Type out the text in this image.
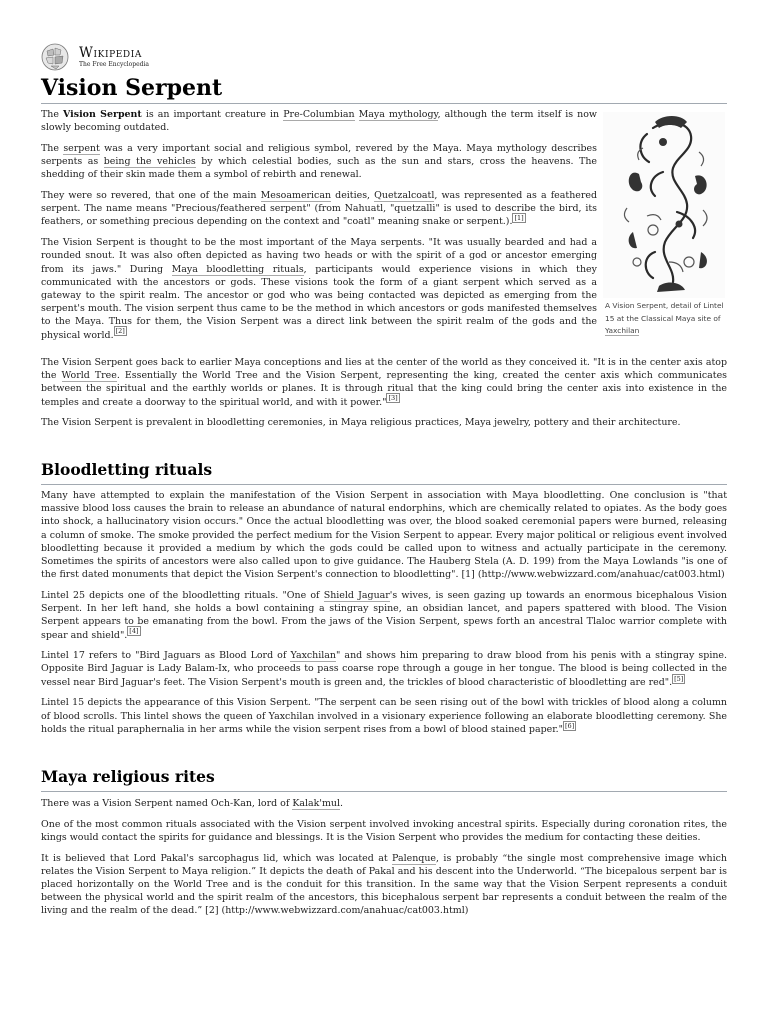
Wikipedia
The Free Encyclopedia
Vision Serpent
A Vision Serpent, detail of Lintel 15 at the Classical Maya site of Yaxchilan

The Vision Serpent is an important creature in Pre-Columbian Maya mythology, although the term itself is now slowly becoming outdated.

The serpent was a very important social and religious symbol, revered by the Maya. Maya mythology describes serpents as being the vehicles by which celestial bodies, such as the sun and stars, cross the heavens. The shedding of their skin made them a symbol of rebirth and renewal.

They were so revered, that one of the main Mesoamerican deities, Quetzalcoatl, was represented as a feathered serpent. The name means "Precious/feathered serpent" (from Nahuatl, "quetzalli" is used to describe the bird, its feathers, or something precious depending on the context and "coatl" meaning snake or serpent.). [1]

The Vision Serpent is thought to be the most important of the Maya serpents. "It was usually bearded and had a rounded snout. It was also often depicted as having two heads or with the spirit of a god or ancestor emerging from its jaws." During Maya bloodletting rituals, participants would experience visions in which they communicated with the ancestors or gods. These visions took the form of a giant serpent which served as a gateway to the spirit realm. The ancestor or god who was being contacted was depicted as emerging from the serpent's mouth. The vision serpent thus came to be the method in which ancestors or gods manifested themselves to the Maya. Thus for them, the Vision Serpent was a direct link between the spirit realm of the gods and the physical world. [2]

The Vision Serpent goes back to earlier Maya conceptions and lies at the center of the world as they conceived it. "It is in the center axis atop the World Tree. Essentially the World Tree and the Vision Serpent, representing the king, created the center axis which communicates between the spiritual and the earthly worlds or planes. It is through ritual that the king could bring the center axis into existence in the temples and create a doorway to the spiritual world, and with it power." [3]

The Vision Serpent is prevalent in bloodletting ceremonies, in Maya religious practices, Maya jewelry, pottery and their architecture.

Bloodletting rituals

Many have attempted to explain the manifestation of the Vision Serpent in association with Maya bloodletting. One conclusion is "that massive blood loss causes the brain to release an abundance of natural endorphins, which are chemically related to opiates. As the body goes into shock, a hallucinatory vision occurs." Once the actual bloodletting was over, the blood soaked ceremonial papers were burned, releasing a column of smoke. The smoke provided the perfect medium for the Vision Serpent to appear. Every major political or religious event involved bloodletting because it provided a medium by which the gods could be called upon to witness and actually participate in the ceremony. Sometimes the spirits of ancestors were also called upon to give guidance. The Hauberg Stela (A. D. 199) from the Maya Lowlands "is one of the first dated monuments that depict the Vision Serpent's connection to bloodletting". [1] (http://www.webwizzard.com/anahuac/cat003.html)

Lintel 25 depicts one of the bloodletting rituals. "One of Shield Jaguar's wives, is seen gazing up towards an enormous bicephalous Vision Serpent. In her left hand, she holds a bowl containing a stingray spine, an obsidian lancet, and papers spattered with blood. The Vision Serpent appears to be emanating from the bowl. From the jaws of the Vision Serpent, spews forth an ancestral Tlaloc warrior complete with spear and shield". [4]

Lintel 17 refers to "Bird Jaguars as Blood Lord of Yaxchilan" and shows him preparing to draw blood from his penis with a stingray spine. Opposite Bird Jaguar is Lady Balam-Ix, who proceeds to pass coarse rope through a gouge in her tongue. The blood is being collected in the vessel near Bird Jaguar's feet. The Vision Serpent's mouth is green and, the trickles of blood characteristic of bloodletting are red". [5]

Lintel 15 depicts the appearance of this Vision Serpent. "The serpent can be seen rising out of the bowl with trickles of blood along a column of blood scrolls. This lintel shows the queen of Yaxchilan involved in a visionary experience following an elaborate bloodletting ceremony. She holds the ritual paraphernalia in her arms while the vision serpent rises from a bowl of blood stained paper." [6]

Maya religious rites

There was a Vision Serpent named Och-Kan, lord of Kalak'mul.

One of the most common rituals associated with the Vision serpent involved invoking ancestral spirits. Especially during coronation rites, the kings would contact the spirits for guidance and blessings. It is the Vision Serpent who provides the medium for contacting these deities.

It is believed that Lord Pakal's sarcophagus lid, which was located at Palenque, is probably “the single most comprehensive image which relates the Vision Serpent to Maya religion.” It depicts the death of Pakal and his descent into the Underworld. “The bicepalous serpent bar is placed horizontally on the World Tree and is the conduit for this transition. In the same way that the Vision Serpent represents a conduit between the physical world and the spirit realm of the ancestors, this bicephalous serpent bar represents a conduit between the realm of the living and the realm of the dead.” [2] (http://www.webwizzard.com/anahuac/cat003.html)
